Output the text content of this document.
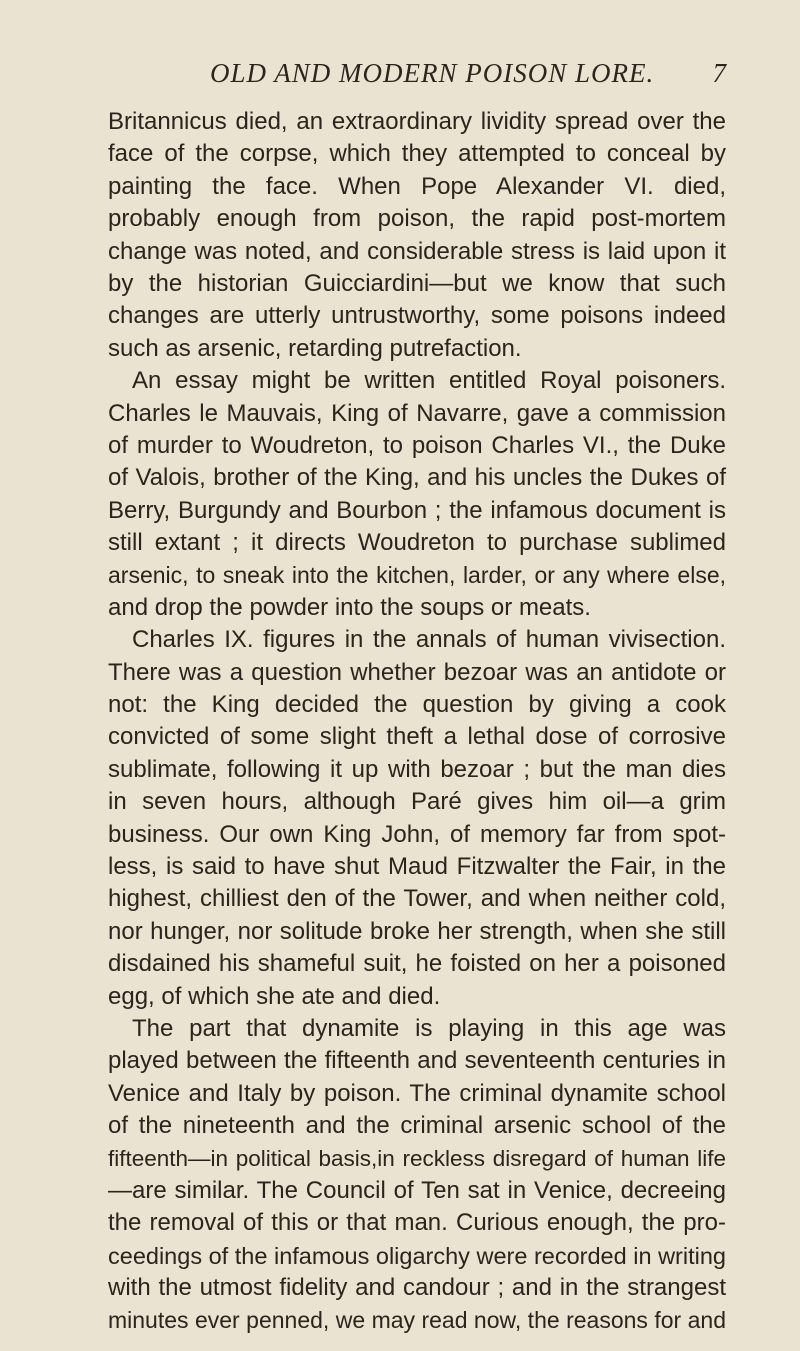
OLD AND MODERN POISON LORE. 7
Britannicus died, an extraordinary lividity spread over the
face of the corpse, which they attempted to conceal by
painting the face. When Pope Alexander VI. died,
probably enough from poison, the rapid post-mortem
change was noted, and considerable stress is laid upon it
by the historian Guicciardini—but we know that such
changes are utterly untrustworthy, some poisons indeed
such as arsenic, retarding putrefaction.
An essay might be written entitled Royal poisoners.
Charles le Mauvais, King of Navarre, gave a commission
of murder to Woudreton, to poison Charles VI., the Duke
of Valois, brother of the King, and his uncles the Dukes of
Berry, Burgundy and Bourbon ; the infamous document is
still extant ; it directs Woudreton to purchase sublimed
arsenic, to sneak into the kitchen, larder, or any where else,
and drop the powder into the soups or meats.
Charles IX. figures in the annals of human vivisection.
There was a question whether bezoar was an antidote or
not: the King decided the question by giving a cook
convicted of some slight theft a lethal dose of corrosive
sublimate, following it up with bezoar ; but the man dies
in seven hours, although Paré gives him oil—a grim
business. Our own King John, of memory far from spot-
less, is said to have shut Maud Fitzwalter the Fair, in the
highest, chilliest den of the Tower, and when neither cold,
nor hunger, nor solitude broke her strength, when she still
disdained his shameful suit, he foisted on her a poisoned
egg, of which she ate and died.
The part that dynamite is playing in this age was
played between the fifteenth and seventeenth centuries in
Venice and Italy by poison. The criminal dynamite school
of the nineteenth and the criminal arsenic school of the
fifteenth—in political basis,in reckless disregard of human life
—are similar. The Council of Ten sat in Venice, decreeing
the removal of this or that man. Curious enough, the pro-
ceedings of the infamous oligarchy were recorded in writing
with the utmost fidelity and candour ; and in the strangest
minutes ever penned, we may read now, the reasons for and
